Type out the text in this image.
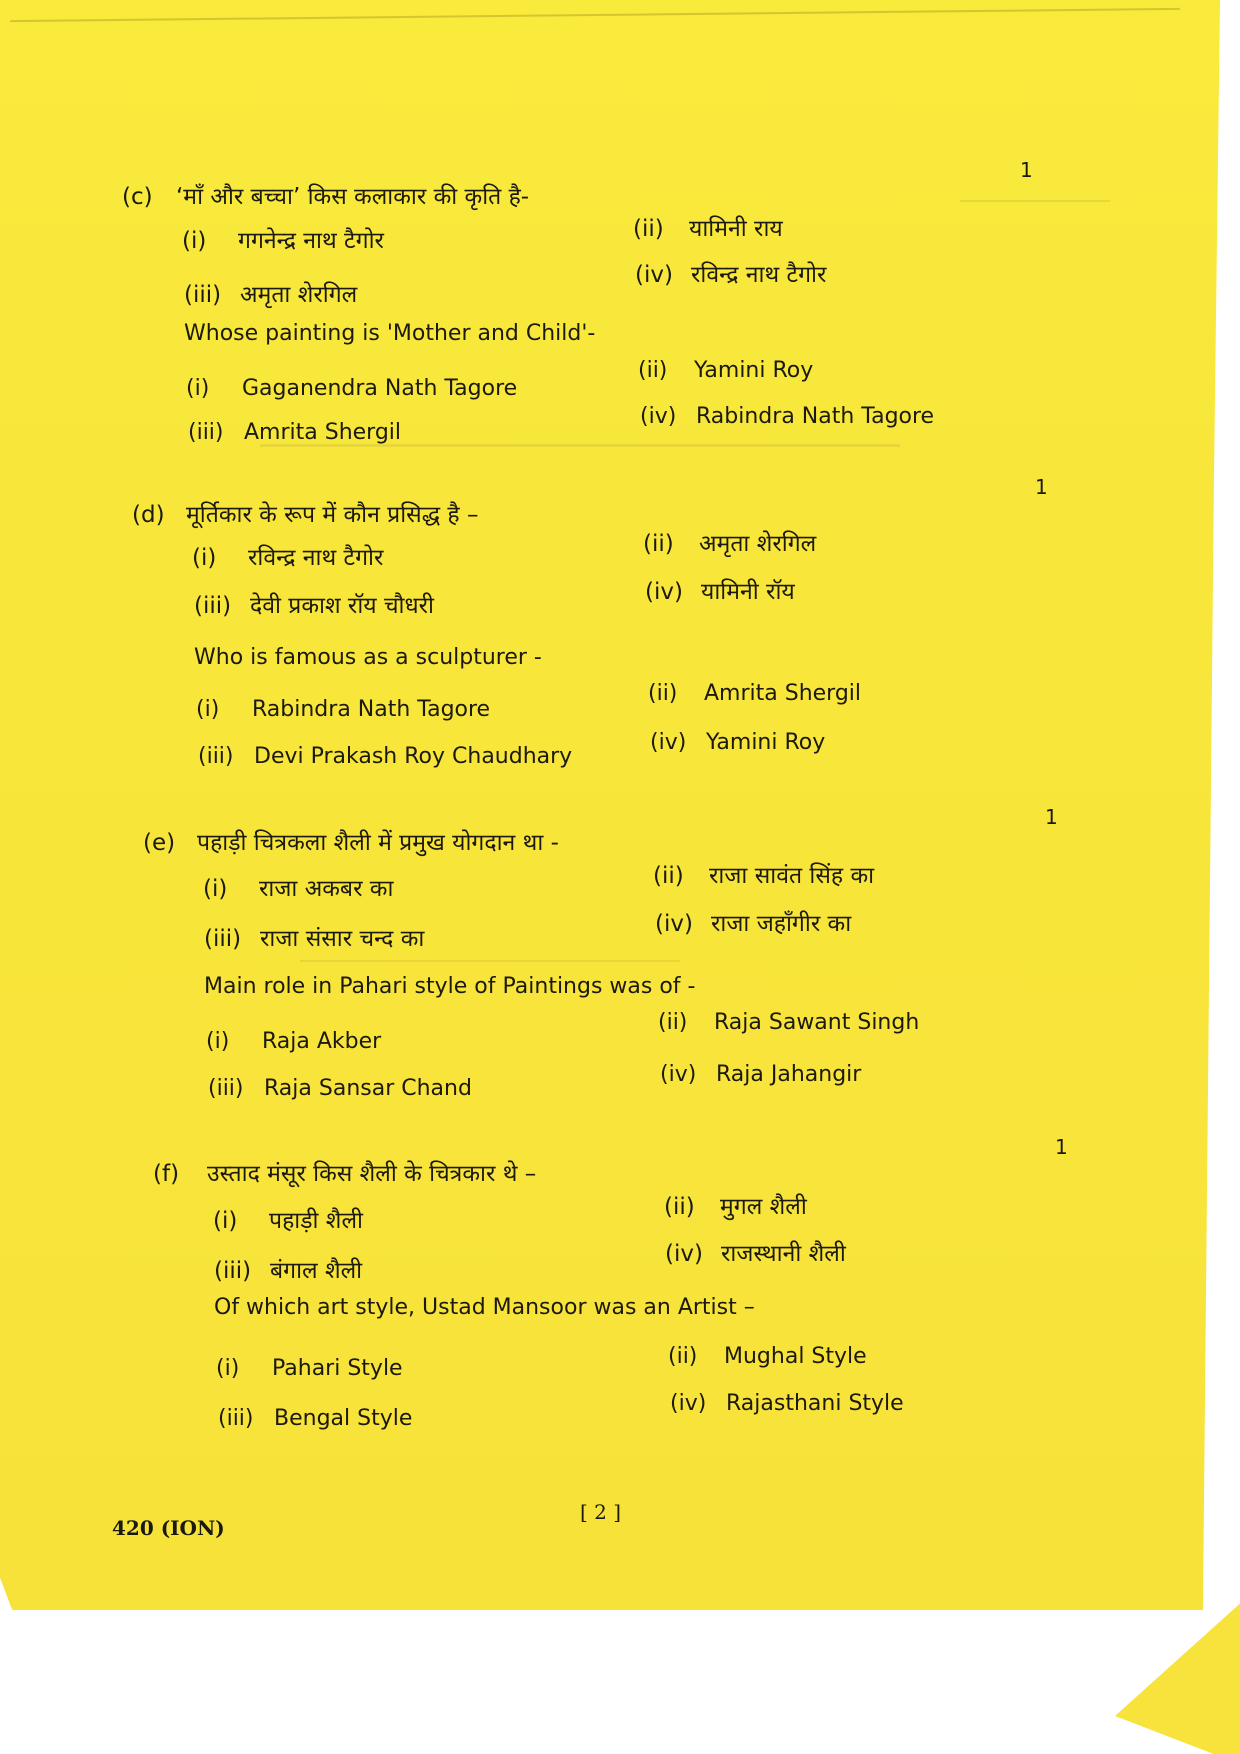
1
(c) ‘माँ और बच्चा’ किस कलाकार की कृति है-
(i) गगनेन्द्र नाथ टैगोर	(ii) यामिनी राय
(iii) अमृता शेरगिल
(iv) रविन्द्र नाथ टैगोर
Whose painting is 'Mother and Child'-
(i) Gaganendra Nath Tagore
(ii) Yamini Roy
(iii) Amrita Shergil
(iv) Rabindra Nath Tagore
1
(d) मूर्तिकार के रूप में कौन प्रसिद्ध है –
(i) रविन्द्र नाथ टैगोर
(ii) अमृता शेरगिल
(iii) देवी प्रकाश रॉय चौधरी
(iv) यामिनी रॉय
Who is famous as a sculpturer -
(i) Rabindra Nath Tagore
(ii) Amrita Shergil
(iii) Devi Prakash Roy Chaudhary
(iv) Yamini Roy
1
(e) पहाड़ी चित्रकला शैली में प्रमुख योगदान था -
(i) राजा अकबर का	(ii) राजा सावंत सिंह का
(iii) राजा संसार चन्द का
(iv) राजा जहाँगीर का
Main role in Pahari style of Paintings was of -
(i) Raja Akber
(ii) Raja Sawant Singh
(iii) Raja Sansar Chand
(iv) Raja Jahangir
1
(f) उस्ताद मंसूर किस शैली के चित्रकार थे –
(i) पहाड़ी शैली
(ii) मुगल शैली
(iii) बंगाल शैली
(iv) राजस्थानी शैली
Of which art style, Ustad Mansoor was an Artist –
(i) Pahari Style	(ii) Mughal Style
(iii) Bengal Style
(iv) Rajasthani Style
420 (ION)
[ 2 ]
